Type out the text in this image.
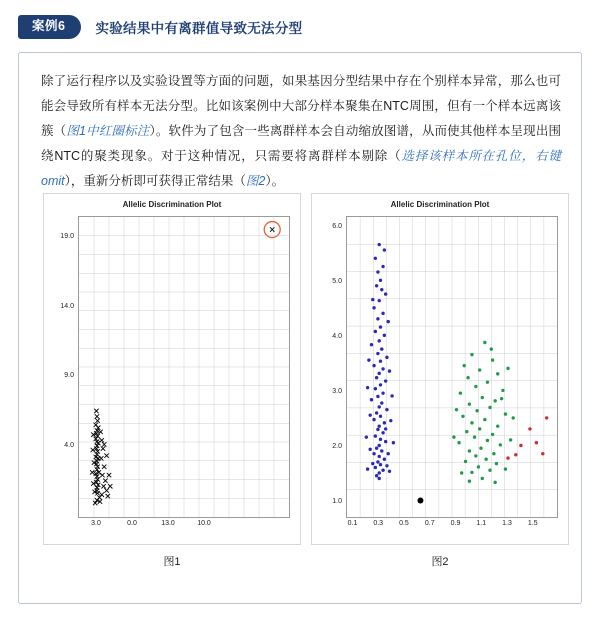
案例6	实验结果中有离群值导致无法分型
除了运行程序以及实验设置等方面的问题，如果基因分型结果中存在个别样本异常，那么也可能会导致所有样本无法分型。比如该案例中大部分样本聚集在NTC周围，但有一个样本远离该簇（图1中红圈标注）。软件为了包含一些离群样本会自动缩放图谱，从而使其他样本呈现出围绕NTC的聚类现象。对于这种情况，只需要将离群样本剔除（选择该样本所在孔位，右键omit），重新分析即可获得正常结果（图2）。
Allelic Discrimination Plot
19.0
14.0
9.0
4.0
3.0	0.0	13.0	10.0
图1
Allelic Discrimination Plot
1.0
2.0
3.0
4.0
5.0
6.0
0.1	0.3	0.5	0.7	0.9	1.1	1.3	1.5
图2
